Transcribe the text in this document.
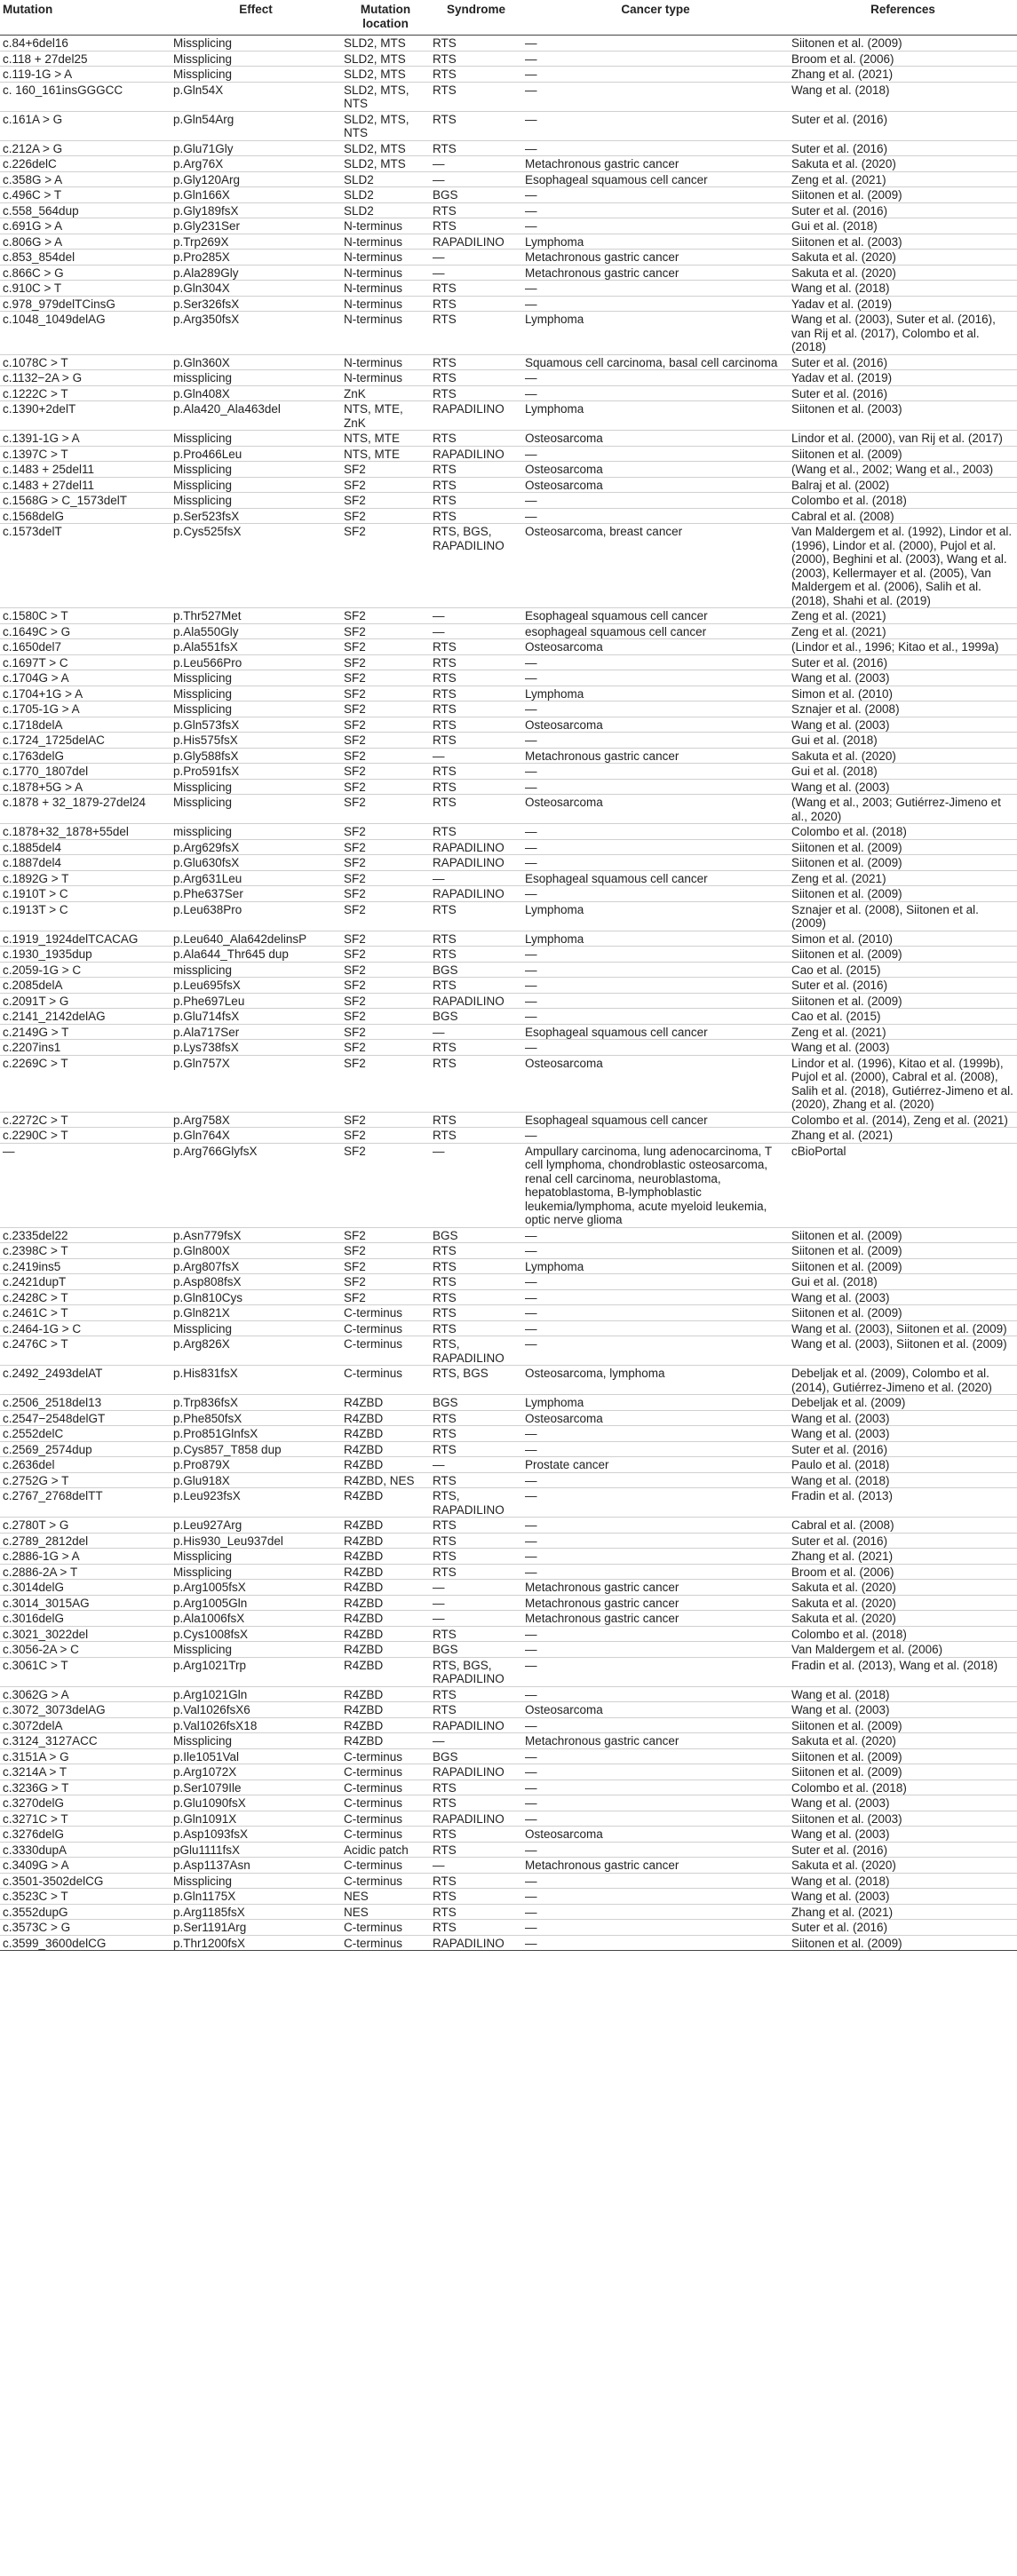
Mutation	Effect	Mutation location	Syndrome	Cancer type	References
c.84+6del16	Missplicing	SLD2, MTS	RTS	—	Siitonen et al. (2009)
c.118 + 27del25	Missplicing	SLD2, MTS	RTS	—	Broom et al. (2006)
c.119-1G > A	Missplicing	SLD2, MTS	RTS	—	Zhang et al. (2021)
c. 160_161insGGGCC	p.Gln54X	SLD2, MTS, NTS	RTS	—	Wang et al. (2018)
c.161A > G	p.Gln54Arg	SLD2, MTS, NTS	RTS	—	Suter et al. (2016)
c.212A > G	p.Glu71Gly	SLD2, MTS	RTS	—	Suter et al. (2016)
c.226delC	p.Arg76X	SLD2, MTS	—	Metachronous gastric cancer	Sakuta et al. (2020)
c.358G > A	p.Gly120Arg	SLD2	—	Esophageal squamous cell cancer	Zeng et al. (2021)
c.496C > T	p.Gln166X	SLD2	BGS	—	Siitonen et al. (2009)
c.558_564dup	p.Gly189fsX	SLD2	RTS	—	Suter et al. (2016)
c.691G > A	p.Gly231Ser	N-terminus	RTS	—	Gui et al. (2018)
c.806G > A	p.Trp269X	N-terminus	RAPADILINO	Lymphoma	Siitonen et al. (2003)
c.853_854del	p.Pro285X	N-terminus	—	Metachronous gastric cancer	Sakuta et al. (2020)
c.866C > G	p.Ala289Gly	N-terminus	—	Metachronous gastric cancer	Sakuta et al. (2020)
c.910C > T	p.Gln304X	N-terminus	RTS	—	Wang et al. (2018)
c.978_979delTCinsG	p.Ser326fsX	N-terminus	RTS	—	Yadav et al. (2019)
c.1048_1049delAG	p.Arg350fsX	N-terminus	RTS	Lymphoma	Wang et al. (2003), Suter et al. (2016), van Rij et al. (2017), Colombo et al. (2018)
c.1078C > T	p.Gln360X	N-terminus	RTS	Squamous cell carcinoma, basal cell carcinoma	Suter et al. (2016)
c.1132−2A > G	missplicing	N-terminus	RTS	—	Yadav et al. (2019)
c.1222C > T	p.Gln408X	ZnK	RTS	—	Suter et al. (2016)
c.1390+2delT	p.Ala420_Ala463del	NTS, MTE, ZnK	RAPADILINO	Lymphoma	Siitonen et al. (2003)
c.1391-1G > A	Missplicing	NTS, MTE	RTS	Osteosarcoma	Lindor et al. (2000), van Rij et al. (2017)
c.1397C > T	p.Pro466Leu	NTS, MTE	RAPADILINO	—	Siitonen et al. (2009)
c.1483 + 25del11	Missplicing	SF2	RTS	Osteosarcoma	(Wang et al., 2002; Wang et al., 2003)
c.1483 + 27del11	Missplicing	SF2	RTS	Osteosarcoma	Balraj et al. (2002)
c.1568G > C_1573delT	Missplicing	SF2	RTS	—	Colombo et al. (2018)
c.1568delG	p.Ser523fsX	SF2	RTS	—	Cabral et al. (2008)
c.1573delT	p.Cys525fsX	SF2	RTS, BGS, RAPADILINO	Osteosarcoma, breast cancer	Van Maldergem et al. (1992), Lindor et al. (1996), Lindor et al. (2000), Pujol et al. (2000), Beghini et al. (2003), Wang et al. (2003), Kellermayer et al. (2005), Van Maldergem et al. (2006), Salih et al. (2018), Shahi et al. (2019)
c.1580C > T	p.Thr527Met	SF2	—	Esophageal squamous cell cancer	Zeng et al. (2021)
c.1649C > G	p.Ala550Gly	SF2	—	esophageal squamous cell cancer	Zeng et al. (2021)
c.1650del7	p.Ala551fsX	SF2	RTS	Osteosarcoma	(Lindor et al., 1996; Kitao et al., 1999a)
c.1697T > C	p.Leu566Pro	SF2	RTS	—	Suter et al. (2016)
c.1704G > A	Missplicing	SF2	RTS	—	Wang et al. (2003)
c.1704+1G > A	Missplicing	SF2	RTS	Lymphoma	Simon et al. (2010)
c.1705-1G > A	Missplicing	SF2	RTS	—	Sznajer et al. (2008)
c.1718delA	p.Gln573fsX	SF2	RTS	Osteosarcoma	Wang et al. (2003)
c.1724_1725delAC	p.His575fsX	SF2	RTS	—	Gui et al. (2018)
c.1763delG	p.Gly588fsX	SF2	—	Metachronous gastric cancer	Sakuta et al. (2020)
c.1770_1807del	p.Pro591fsX	SF2	RTS	—	Gui et al. (2018)
c.1878+5G > A	Missplicing	SF2	RTS	—	Wang et al. (2003)
c.1878 + 32_1879-27del24	Missplicing	SF2	RTS	Osteosarcoma	(Wang et al., 2003; Gutiérrez-Jimeno et al., 2020)
c.1878+32_1878+55del	missplicing	SF2	RTS	—	Colombo et al. (2018)
c.1885del4	p.Arg629fsX	SF2	RAPADILINO	—	Siitonen et al. (2009)
c.1887del4	p.Glu630fsX	SF2	RAPADILINO	—	Siitonen et al. (2009)
c.1892G > T	p.Arg631Leu	SF2	—	Esophageal squamous cell cancer	Zeng et al. (2021)
c.1910T > C	p.Phe637Ser	SF2	RAPADILINO	—	Siitonen et al. (2009)
c.1913T > C	p.Leu638Pro	SF2	RTS	Lymphoma	Sznajer et al. (2008), Siitonen et al. (2009)
c.1919_1924delTCACAG	p.Leu640_Ala642delinsP	SF2	RTS	Lymphoma	Simon et al. (2010)
c.1930_1935dup	p.Ala644_Thr645 dup	SF2	RTS	—	Siitonen et al. (2009)
c.2059-1G > C	missplicing	SF2	BGS	—	Cao et al. (2015)
c.2085delA	p.Leu695fsX	SF2	RTS	—	Suter et al. (2016)
c.2091T > G	p.Phe697Leu	SF2	RAPADILINO	—	Siitonen et al. (2009)
c.2141_2142delAG	p.Glu714fsX	SF2	BGS	—	Cao et al. (2015)
c.2149G > T	p.Ala717Ser	SF2	—	Esophageal squamous cell cancer	Zeng et al. (2021)
c.2207ins1	p.Lys738fsX	SF2	RTS	—	Wang et al. (2003)
c.2269C > T	p.Gln757X	SF2	RTS	Osteosarcoma	Lindor et al. (1996), Kitao et al. (1999b), Pujol et al. (2000), Cabral et al. (2008), Salih et al. (2018), Gutiérrez-Jimeno et al. (2020), Zhang et al. (2020)
c.2272C > T	p.Arg758X	SF2	RTS	Esophageal squamous cell cancer	Colombo et al. (2014), Zeng et al. (2021)
c.2290C > T	p.Gln764X	SF2	RTS	—	Zhang et al. (2021)
—	p.Arg766GlyfsX	SF2	—	Ampullary carcinoma, lung adenocarcinoma, T cell lymphoma, chondroblastic osteosarcoma, renal cell carcinoma, neuroblastoma, hepatoblastoma, B-lymphoblastic leukemia/lymphoma, acute myeloid leukemia, optic nerve glioma	cBioPortal
c.2335del22	p.Asn779fsX	SF2	BGS	—	Siitonen et al. (2009)
c.2398C > T	p.Gln800X	SF2	RTS	—	Siitonen et al. (2009)
c.2419ins5	p.Arg807fsX	SF2	RTS	Lymphoma	Siitonen et al. (2009)
c.2421dupT	p.Asp808fsX	SF2	RTS	—	Gui et al. (2018)
c.2428C > T	p.Gln810Cys	SF2	RTS	—	Wang et al. (2003)
c.2461C > T	p.Gln821X	C-terminus	RTS	—	Siitonen et al. (2009)
c.2464-1G > C	Missplicing	C-terminus	RTS	—	Wang et al. (2003), Siitonen et al. (2009)
c.2476C > T	p.Arg826X	C-terminus	RTS, RAPADILINO	—	Wang et al. (2003), Siitonen et al. (2009)
c.2492_2493delAT	p.His831fsX	C-terminus	RTS, BGS	Osteosarcoma, lymphoma	Debeljak et al. (2009), Colombo et al. (2014), Gutiérrez-Jimeno et al. (2020)
c.2506_2518del13	p.Trp836fsX	R4ZBD	BGS	Lymphoma	Debeljak et al. (2009)
c.2547−2548delGT	p.Phe850fsX	R4ZBD	RTS	Osteosarcoma	Wang et al. (2003)
c.2552delC	p.Pro851GlnfsX	R4ZBD	RTS	—	Wang et al. (2003)
c.2569_2574dup	p.Cys857_T858 dup	R4ZBD	RTS	—	Suter et al. (2016)
c.2636del	p.Pro879X	R4ZBD	—	Prostate cancer	Paulo et al. (2018)
c.2752G > T	p.Glu918X	R4ZBD, NES	RTS	—	Wang et al. (2018)
c.2767_2768delTT	p.Leu923fsX	R4ZBD	RTS, RAPADILINO	—	Fradin et al. (2013)
c.2780T > G	p.Leu927Arg	R4ZBD	RTS	—	Cabral et al. (2008)
c.2789_2812del	p.His930_Leu937del	R4ZBD	RTS	—	Suter et al. (2016)
c.2886-1G > A	Missplicing	R4ZBD	RTS	—	Zhang et al. (2021)
c.2886-2A > T	Missplicing	R4ZBD	RTS	—	Broom et al. (2006)
c.3014delG	p.Arg1005fsX	R4ZBD	—	Metachronous gastric cancer	Sakuta et al. (2020)
c.3014_3015AG	p.Arg1005Gln	R4ZBD	—	Metachronous gastric cancer	Sakuta et al. (2020)
c.3016delG	p.Ala1006fsX	R4ZBD	—	Metachronous gastric cancer	Sakuta et al. (2020)
c.3021_3022del	p.Cys1008fsX	R4ZBD	RTS	—	Colombo et al. (2018)
c.3056-2A > C	Missplicing	R4ZBD	BGS	—	Van Maldergem et al. (2006)
c.3061C > T	p.Arg1021Trp	R4ZBD	RTS, BGS, RAPADILINO	—	Fradin et al. (2013), Wang et al. (2018)
c.3062G > A	p.Arg1021Gln	R4ZBD	RTS	—	Wang et al. (2018)
c.3072_3073delAG	p.Val1026fsX6	R4ZBD	RTS	Osteosarcoma	Wang et al. (2003)
c.3072delA	p.Val1026fsX18	R4ZBD	RAPADILINO	—	Siitonen et al. (2009)
c.3124_3127ACC	Missplicing	R4ZBD	—	Metachronous gastric cancer	Sakuta et al. (2020)
c.3151A > G	p.Ile1051Val	C-terminus	BGS	—	Siitonen et al. (2009)
c.3214A > T	p.Arg1072X	C-terminus	RAPADILINO	—	Siitonen et al. (2009)
c.3236G > T	p.Ser1079Ile	C-terminus	RTS	—	Colombo et al. (2018)
c.3270delG	p.Glu1090fsX	C-terminus	RTS	—	Wang et al. (2003)
c.3271C > T	p.Gln1091X	C-terminus	RAPADILINO	—	Siitonen et al. (2003)
c.3276delG	p.Asp1093fsX	C-terminus	RTS	Osteosarcoma	Wang et al. (2003)
c.3330dupA	pGlu1111fsX	Acidic patch	RTS	—	Suter et al. (2016)
c.3409G > A	p.Asp1137Asn	C-terminus	—	Metachronous gastric cancer	Sakuta et al. (2020)
c.3501-3502delCG	Missplicing	C-terminus	RTS	—	Wang et al. (2018)
c.3523C > T	p.Gln1175X	NES	RTS	—	Wang et al. (2003)
c.3552dupG	p.Arg1185fsX	NES	RTS	—	Zhang et al. (2021)
c.3573C > G	p.Ser1191Arg	C-terminus	RTS	—	Suter et al. (2016)
c.3599_3600delCG	p.Thr1200fsX	C-terminus	RAPADILINO	—	Siitonen et al. (2009)
